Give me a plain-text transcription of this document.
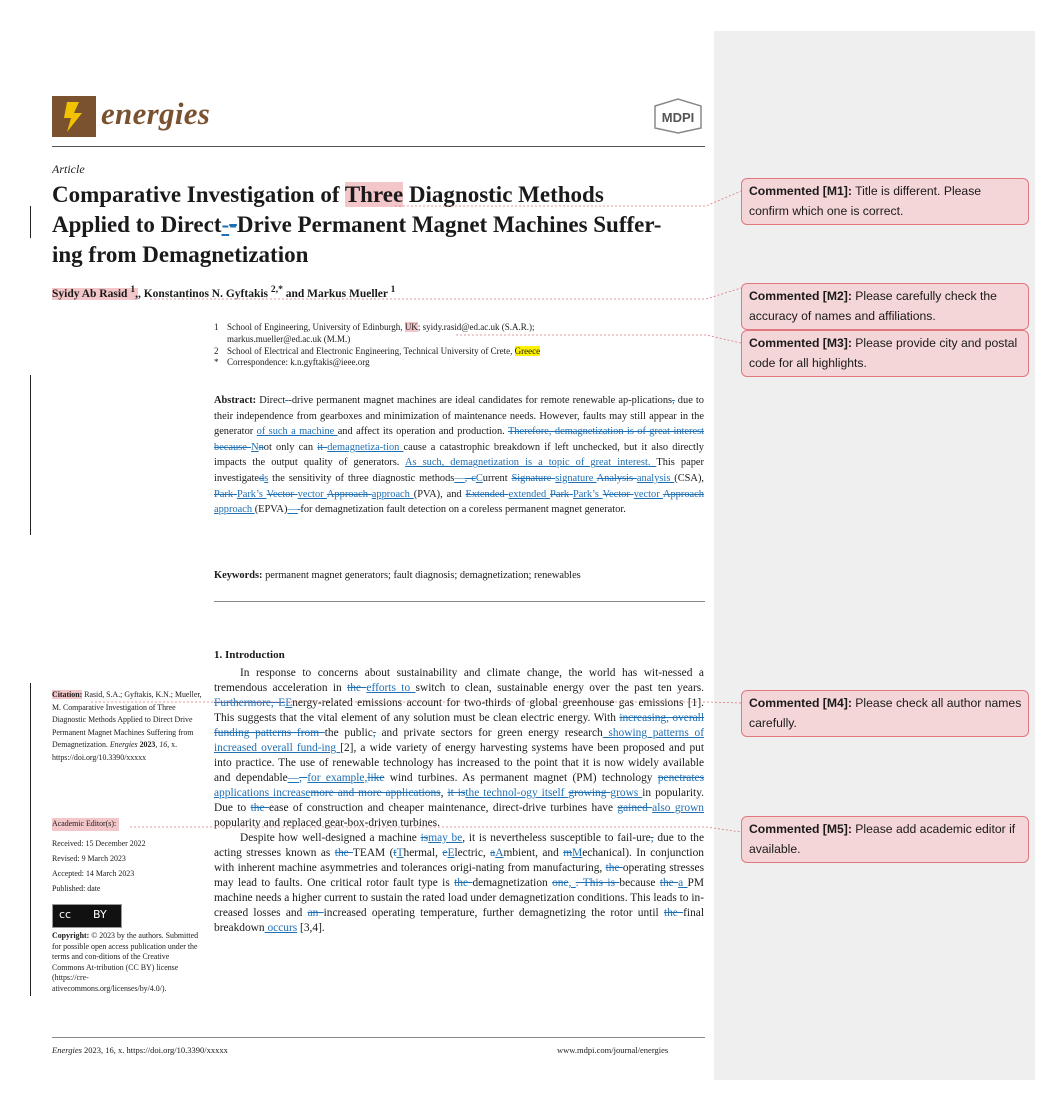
energies	MDPI
Article
Comparative Investigation of Three Diagnostic Methods
Applied to Direct--Drive Permanent Magnet Machines Suffer-
ing from Demagnetization
Syidy Ab Rasid $^1$,, Konstantinos N. Gyftakis $^{2,*}$ and Markus Mueller $^1$
1 School of Engineering, University of Edinburgh, UK; syidy.rasid@ed.ac.uk (S.A.R.);
markus.mueller@ed.ac.uk (M.M.)
2 School of Electrical and Electronic Engineering, Technical University of Crete, Greece
* Correspondence: k.n.gyftakis@ieee.org
Abstract: Direct -drive permanent magnet machines are ideal candidates for remote renewable ap-plications, due to their independence from gearboxes and minimization of maintenance needs. However, faults may still appear in the generator of such a machine and affect its operation and production. Therefore, demagnetization is of great interest because Nnot only can it demagnetiza-tion cause a catastrophic breakdown if left unchecked, but it also directly impacts the output quality of generators. As such, demagnetization is a topic of great interest. This paper investigateds the sensitivity of three diagnostic methods—, cCurrent Signature signature Analysis analysis (CSA), Park Park’s Vector vector Approach approach (PVA), and Extended extended Park Park’s Vector vector Approach approach (EPVA)— for demagnetization fault detection on a coreless permanent magnet generator.
Keywords: permanent magnet generators; fault diagnosis; demagnetization; renewables
1. Introduction

In response to concerns about sustainability and climate change, the world has wit-nessed a tremendous acceleration in the efforts to switch to clean, sustainable energy over the past ten years. Furthermore, EEnergy-related emissions account for two-thirds of global greenhouse gas emissions [1]. This suggests that the vital element of any solution must be clean electric energy. With increasing, overall funding patterns from the public, and private sectors for green energy research showing patterns of increased overall fund-ing [2], a wide variety of energy harvesting systems have been proposed and put into practice. The use of renewable technology has increased to the point that it is now widely available and dependable—, for example,like wind turbines. As permanent magnet (PM) technology penetrates applications increasemore and more applications, it isthe technol-ogy itself growing grows in popularity. Due to the ease of construction and cheaper maintenance, direct-drive turbines have gained also grown popularity and replaced gear-box-driven turbines.

Despite how well-designed a machine ismay be, it is nevertheless susceptible to fail-ure, due to the acting stresses known as the TEAM (tThermal, eElectric, aAmbient, and mMechanical). In conjunction with inherent machine asymmetries and tolerances origi-nating from manufacturing, the operating stresses may lead to faults. One critical rotor fault type is the demagnetization one, . This is because the a PM machine needs a higher current to sustain the rated load under demagnetization conditions. This leads to in-creased losses and an increased operating temperature, further demagnetizing the rotor until the final breakdown occurs [3,4].

Citation: Rasid, S.A.; Gyftakis, K.N.; Mueller, M. Comparative Investigation of Three Diagnostic Methods Applied to Direct Drive Permanent Magnet Machines Suffering from Demagnetization. Energies 2023, 16, x. https://doi.org/10.3390/xxxxx
Academic Editor(s):
Received: 15 December 2022
Revised: 9 March 2023
Accepted: 14 March 2023
Published: date
cc BY
Copyright: © 2023 by the authors. Submitted for possible open access publication under the terms and con-ditions of the Creative Commons At-tribution (CC BY) license (https://cre-ativecommons.org/licenses/by/4.0/).
Energies 2023, 16, x. https://doi.org/10.3390/xxxxx	www.mdpi.com/journal/energies
Commented [M1]: Title is different. Please confirm which one is correct.
Commented [M2]: Please carefully check the accuracy of names and affiliations.
Commented [M3]: Please provide city and postal code for all highlights.
Commented [M4]: Please check all author names carefully.
Commented [M5]: Please add academic editor if available.
